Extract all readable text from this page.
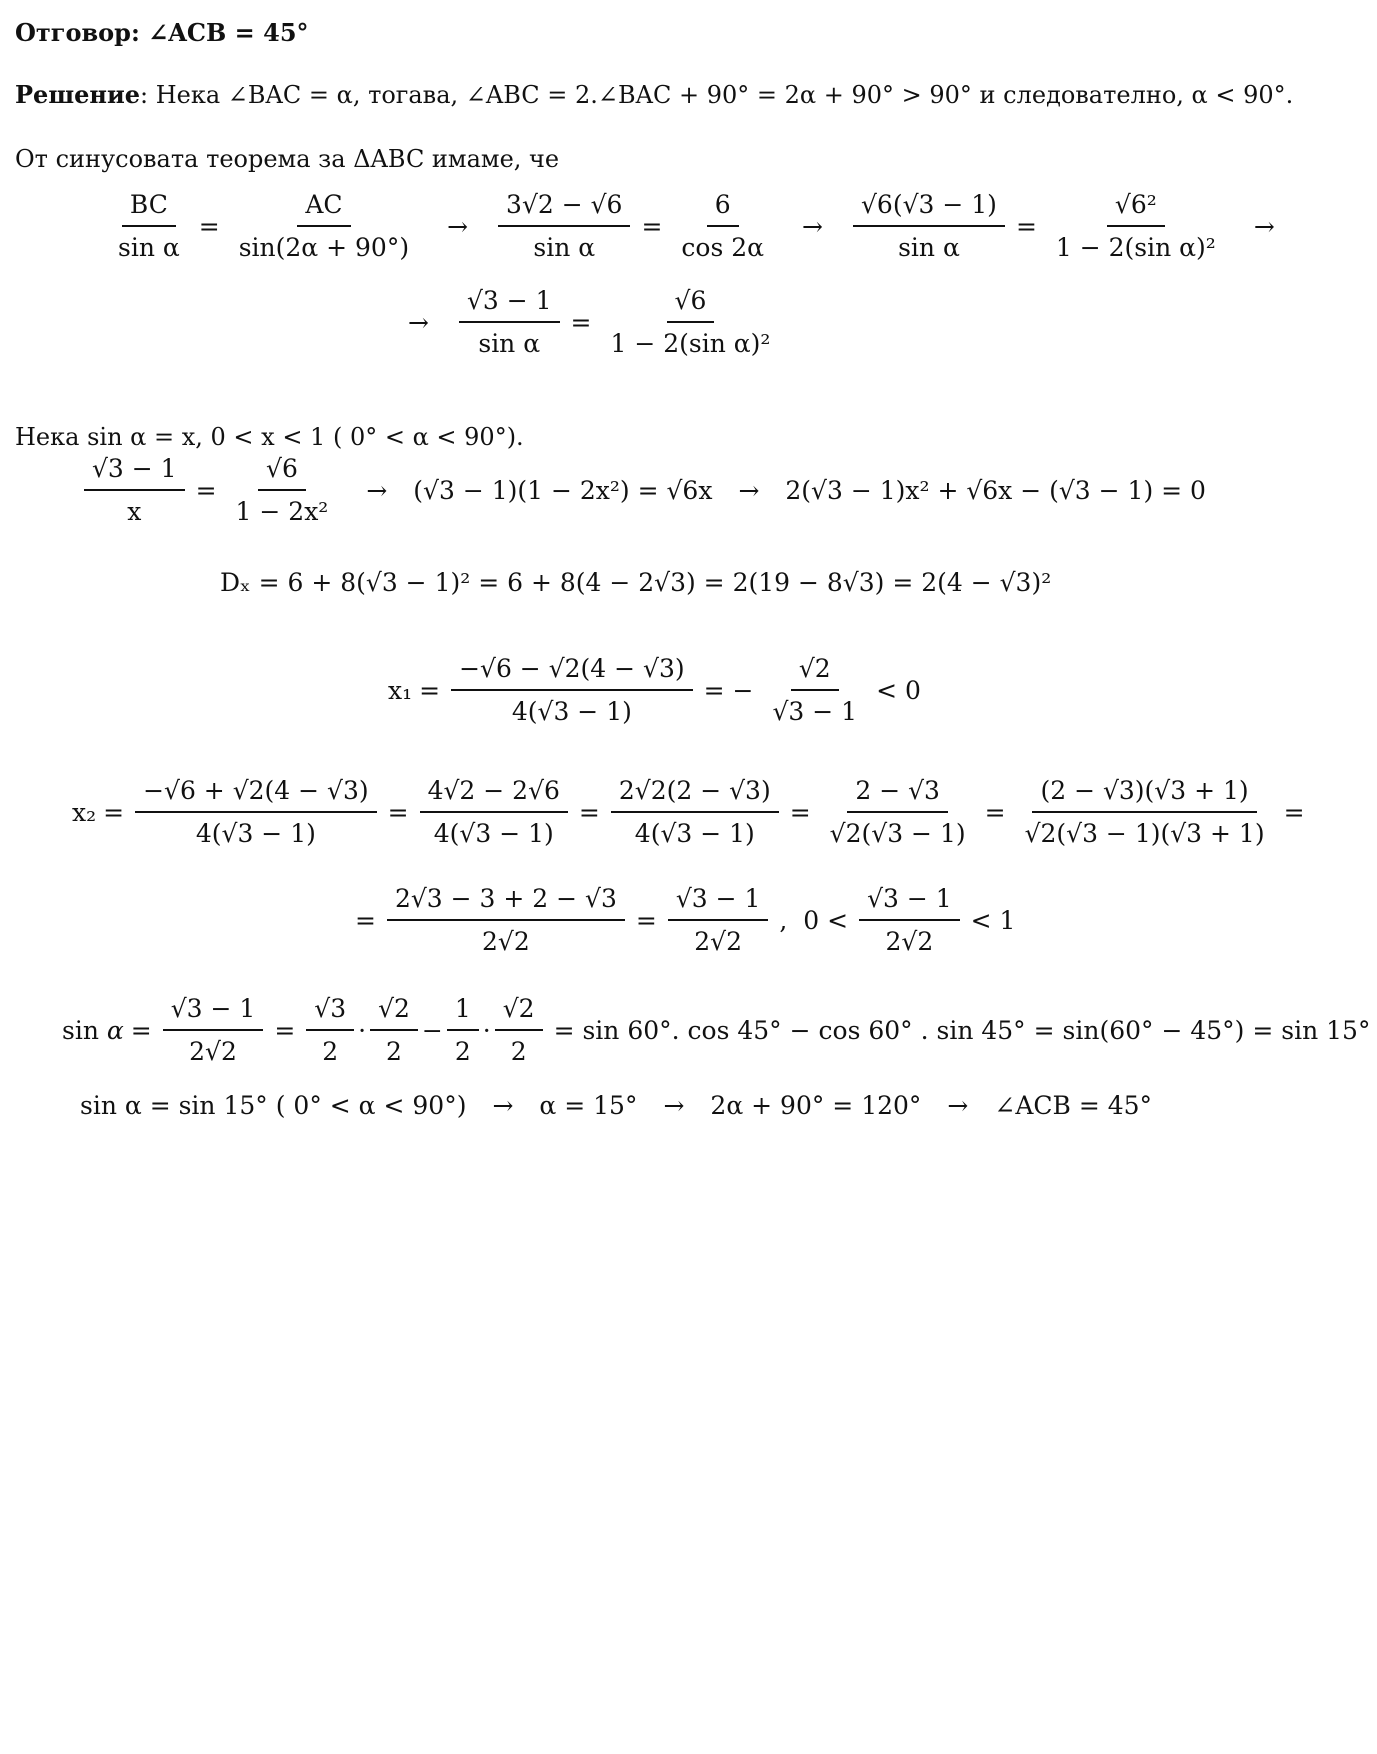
Отговор: ∠ACB = 45°
Решение: Нека ∠BAC = α, тогава, ∠ABC = 2.∠BAC + 90° = 2α + 90° > 90° и следователно, α < 90°.
От синусовата теорема за ΔABC имаме, че
$\frac{BC}{\text{sin α}} = \frac{AC}{\sin(2\alpha + 90^\circ)}$	→	$\frac{3√2 - √6}{\text{sin α}} = \frac{6}{\cos 2\alpha}$	→	$\frac{√6(√3 - 1)}{\text{sin α}} = \frac{\text{√6²}}{\text{1 − 2(sin α)²}}$	→
→	$\frac{√3 - 1}{\text{sin α}} = \frac{√6}{\text{1 − 2(sin α)²}}$
Нека sin α = x, 0 < x < 1 ( 0° < α < 90°).
$\frac{√3 - 1}{x} = \frac{√6}{\text{1 − 2x²}}$	→	(√3 − 1)(1 − 2x²) = √6x	→	2(√3 − 1)x² + √6x − (√3 − 1) = 0
Dₓ = 6 + 8(√3 − 1)² = 6 + 8(4 − 2√3) = 2(19 − 8√3) = 2(4 − √3)²
$x_1 = \frac{-√6 - √2(4 - √3)}{4(√3 - 1)}$ = − $\frac{√2}{√3 - 1} < 0$
$x_2 = \frac{-√6 + √2(4 - √3)}{4(√3 - 1)} = \frac{4√2 - 2√6}{4(√3 - 1)} = \frac{2√2(2 - √3)}{4(√3 - 1)} = \frac{2 - √3}{√2(√3 - 1)} = \frac{(2 - √3)(√3 + 1)}{√2(√3 - 1)(√3 + 1)}$ =
= $\frac{2√3 - 3 + 2 - √3}{2√2} = \frac{√3 - 1}{2√2}$ ,  $0 < \frac{√3 - 1}{2√2} < 1$
$\sin \alpha = \frac{√3 - 1}{2√2} = \frac{√3}{2} \cdot \frac{√2}{2} - \frac{1}{2} \cdot \frac{√2}{2} = \sin 60^\circ$. cos 45° − cos 60° . sin 45° = sin(60° − 45°) = sin 15°
sin α = sin 15° ( 0° < α < 90°)	→	α = 15°	→	2α + 90° = 120°	→	∠ACB = 45°
